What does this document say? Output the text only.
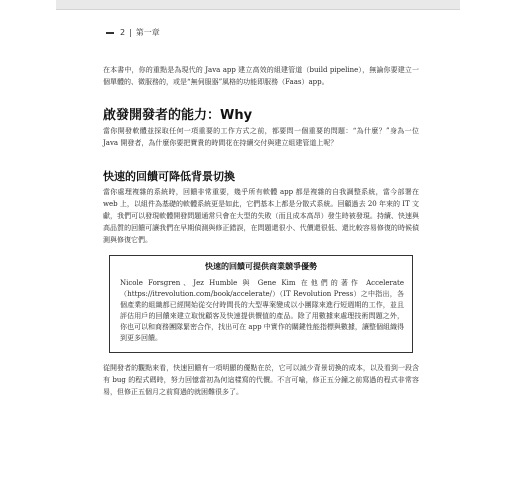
2 | 第一章

在本書中，你的重點是為現代的 Java app 建立高效的組建管道（build pipeline），無論你要建立一個單體的、微服務的，或是“無伺服器”風格的功能即服務（Faas）app。

啟發開發者的能力：Why

當你開發軟體並採取任何一項重要的工作方式之前，都要問一個重要的問題：“為什麼？”身為一位 Java 開發者，為什麼你要把寶貴的時間花在持續交付與建立組建管道上呢？

快速的回饋可降低背景切換

當你處理複雜的系統時，回饋非常重要，幾乎所有軟體 app 都是複雜的自我調整系統，當今部署在 web 上，以組件為基礎的軟體系統更是如此，它們基本上都是分散式系統。回顧過去 20 年來的 IT 文獻，我們可以發現軟體開發問題通常只會在大型的失敗（而且成本高昂）發生時被發現。持續、快速與高品質的回饋可讓我們在早期偵測與修正錯誤，在問題還很小、代價還很低、還比較容易修復的時候偵測與修復它們。

快速的回饋可提供商業競爭優勢

Nicole Forsgren、Jez Humble 與 Gene Kim 在他們的著作 Accelerate（https://itrevolution.com/book/accelerate/）（IT Revolution Press）之中指出，各個產業的組織都已經開始從交付時間長的大型專案變成以小團隊來進行短週期的工作，並且評估用戶的回饋來建立取悅顧客及快速提供價值的產品。除了用數據來處理技術問題之外，你也可以和商務團隊緊密合作，找出可在 app 中實作的關鍵性能指標與數據，讓整個組織得到更多回饋。

從開發者的觀點來看，快速回饋有一項明顯的優點在於，它可以減少背景切換的成本，以及看到一段含有 bug 的程式碼時，努力回憶當初為何這樣寫的代價。不言可喻，修正五分鐘之前寫過的程式非常容易，但修正五個月之前寫過的就困難很多了。
